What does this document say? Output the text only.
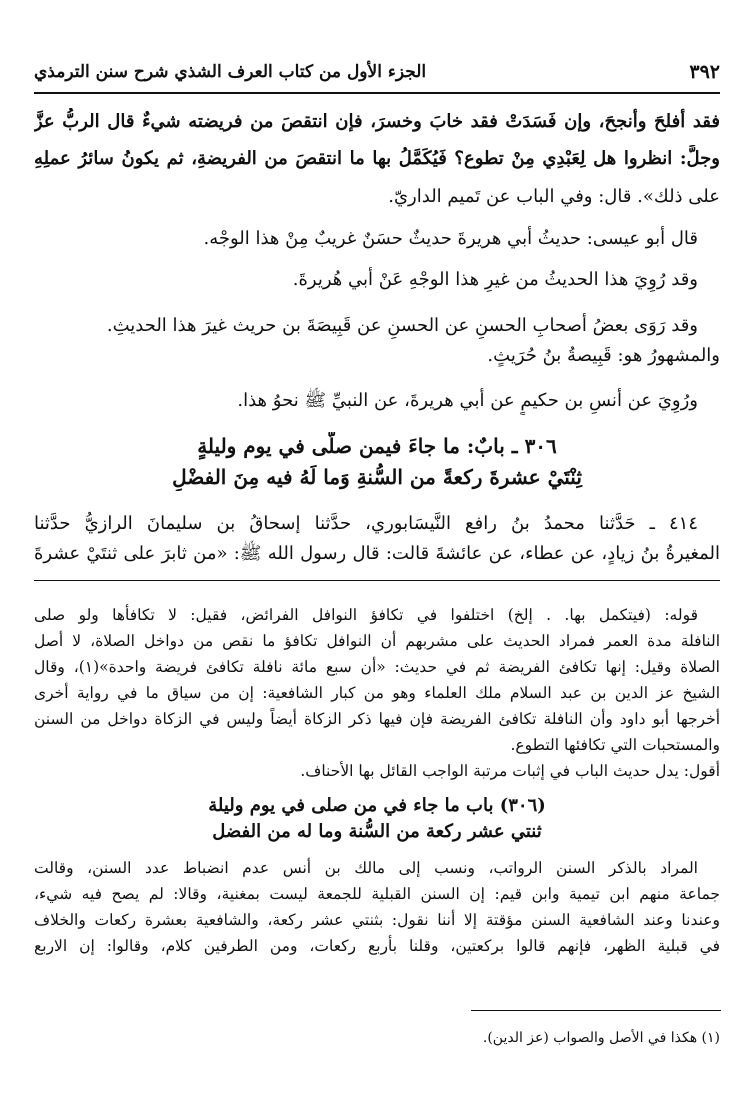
٣٩٢
الجزء الأول من كتاب العرف الشذي شرح سنن الترمذي
فقد أفلحَ وأنجحَ، وإن فَسَدَتْ فقد خابَ وخسرَ، فإن انتقصَ من فريضته شيءٌ قال الربُّ عزَّ
وجلَّ: انظروا هل لِعَبْدِي مِنْ تطوع؟ فَيُكَمَّلُ بها ما انتقصَ من الفريضةِ، ثم يكونُ سائرُ عملِهِ
على ذلك». قال: وفي الباب عن تَميم الداريّ.
قال أبو عيسى: حديثُ أبي هريرةَ حديثٌ حسَنٌ غريبٌ مِنْ هذا الوجْه.
وقد رُوِيَ هذا الحديثُ من غيرِ هذا الوجْهِ عَنْ أبي هُريرةَ.
وقد رَوَى بعضُ أصحابِ الحسنِ عن الحسنِ عن قَبِيصَةَ بن حريث غيرَ هذا الحديثِ.
والمشهورُ هو: قَبِيصةُ بنُ حُرَيثٍ.
ورُوِيَ عن أنسِ بن حكيمٍ عن أبي هريرةَ، عن النبيِّ ﷺ نحوُ هذا.
٣٠٦ ـ بابٌ: ما جاءَ فيمن صلَّى في يوم وليلةٍ
ثِنْتَيْ عشرةَ ركعةً من السُّنةِ وَما لَهُ فيه مِنَ الفضْلِ
٤١٤ ـ حَدَّثنا محمدُ بنُ رافع النَّيسَابوري، حدَّثنا إسحاقُ بن سليمانَ الرازيُّ حدَّثنا
المغيرةُ بنُ زيادٍ، عن عطاء، عن عائشةَ قالت: قال رسول الله ﷺ: «من ثابرَ على ثنتَيْ عشرةَ
قوله: (فيتكمل بها. . إلخ) اختلفوا في تكافؤ النوافل الفرائض، فقيل: لا تكافأها ولو صلى
النافلة مدة العمر فمراد الحديث على مشربهم أن النوافل تكافؤ ما نقص من دواخل الصلاة، لا أصل
الصلاة وقيل: إنها تكافئ الفريضة ثم في حديث: «أن سبع مائة نافلة تكافئ فريضة واحدة»(١)، وقال
الشيخ عز الدين بن عبد السلام ملك العلماء وهو من كبار الشافعية: إن من سياق ما في رواية أخرى
أخرجها أبو داود وأن النافلة تكافئ الفريضة فإن فيها ذكر الزكاة أيضاً وليس في الزكاة دواخل من السنن
والمستحبات التي تكافئها التطوع.
أقول: يدل حديث الباب في إثبات مرتبة الواجب القائل بها الأحناف.
(٣٠٦) باب ما جاء في من صلى في يوم وليلة
ثنتي عشر ركعة من السُّنة وما له من الفضل
المراد بالذكر السنن الرواتب، ونسب إلى مالك بن أنس عدم انضباط عدد السنن، وقالت
جماعة منهم ابن تيمية وابن قيم: إن السنن القبلية للجمعة ليست بمغنية، وقالا: لم يصح فيه شيء،
وعندنا وعند الشافعية السنن مؤقتة إلا أننا نقول: بثنتي عشر ركعة، والشافعية بعشرة ركعات والخلاف
في قبلية الظهر، فإنهم قالوا بركعتين، وقلنا بأربع ركعات، ومن الطرفين كلام، وقالوا: إن الاربع
(١) هكذا في الأصل والصواب (عز الدين).
